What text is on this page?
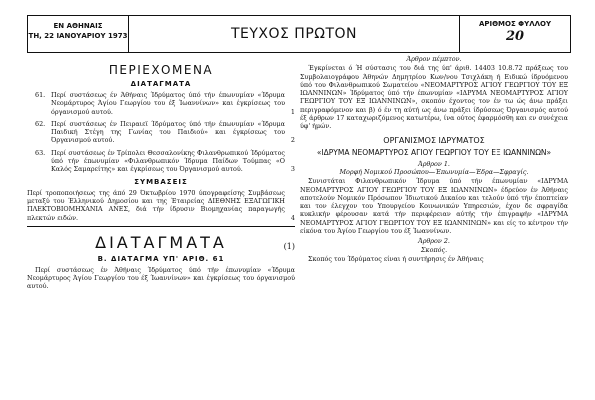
ΕΝ ΑΘΗΝΑΙΣ
ΤΗ, 22 ΙΑΝΟΥΑΡΙΟΥ 1973	ΤΕΥΧΟΣ ΠΡΩΤΟΝ
ΑΡΙΘΜΟΣ ΦΥΛΛΟΥ
20
ΠΕΡΙΕΧΟΜΕΝΑ
ΔΙΑΤΑΓΜΑΤΑ
61. Περί συστάσεως έν Άθήναις Ίδρύματος ύπό τήν έπωνυμίαν «Ίδρυμα Νεομάρτυρος Άγίου Γεωργίου του έξ Ίωαννίνων» και έγκρίσεως του όργανισμού αυτού.	1
62. Περί συστάσεως έν Πειραιεϊ Ίδρύματος ύπό τήν έπωνυμίαν «Ίδρυμα Παιδική Στέγη της Γωνίας του Παιδιού» και έγκρίσεως του Όργανισμού αυτού.	2
63. Περί συστάσεως έν Τρίπολει Θεσσαλονίκης Φιλανθρωπικού Ίδρύματος ύπό τήν έπωνυμίαν «Φιλανθρωπικόν Ίδρυμα Παίδων Τούμπας «Ο Καλός Σαμαρείτης» και έγκρίσεως του Όργανισμού αυτού.	3
ΣΥΜΒΑΣΕΙΣ
Περί τροποποιήσεως της άπό 29 Όκτωβρίου 1970 ύπογραφείσης Συμβάσεως μεταξύ του Έλληνικού Δημοσίου και της Έταιρείας ΔΙΕΘΝΗΣ ΕΞΑΓΩΓΙΚΗ ΠΛΕΚΤΟΒΙΟΜΗΧΑΝΙΑ ΑΝΕΣ, διά τήν ίδρυσιν Βιομηχανίας παραγωγής πλεκτών ειδών.	4
ΔΙΑΤΑΓΜΑΤΑ	(1)
Β. ΔΙΑΤΑΓΜΑ ΥΠ' ΑΡΙΘ. 61
Περί συστάσεως έν Άθήναις Ίδρύματος ύπό τήν έπωνυμίαν «Ίδρυμα Νεομάρτυρος Άγίου Γεωργίου του έξ Ίωαννίνων» και έγκρίσεως του όργανισμού αυτού.
Άρθρον πέμπτον.
Έγκρίνεται ό Ή σύστασις του διά της ύπ' άριθ. 14403 10.8.72 πράξεως του Συμβολαιογράφου Άθηνών Δημητρίου Κων/νου Τσιχλάκη ή Ειδικώ ίδρυόμενου ύπό του Φιλανθρωπικού Σωματείου «ΝΕΟΜΑΡΤΥΡΟΣ ΑΓΙΟΥ ΓΕΩΡΓΙΟΥ ΤΟΥ ΕΞ ΙΩΑΝΝΙΝΩΝ» Ίδρύματος ύπό τήν έπωνυμίαν «ΙΔΡΥΜΑ ΝΕΟΜΑΡΤΥΡΟΣ ΑΓΙΟΥ ΓΕΩΡΓΙΟΥ ΤΟΥ ΕΞ ΙΩΑΝΝΙΝΩΝ», σκοπόν έχοντος τον έν τω ώς άνω πράξει περιγραφόμενον και β) ό έν τη αύτή ως άνω πράξει ίδρύσεως Όργανισμός αυτού έξ άρθρων 17 καταχωριζόμενος κατωτέρω, ίνα ούτος έφαρμόσθη και εν συνέχεια ύφ' ήμών.
ΟΡΓΑΝΙΣΜΟΣ ΙΔΡΥΜΑΤΟΣ
«ΙΔΡΥΜΑ ΝΕΟΜΑΡΤΥΡΟΣ ΑΓΙΟΥ ΓΕΩΡΓΙΟΥ ΤΟΥ ΕΞ ΙΩΑΝΝΙΝΩΝ»
Άρθρον 1.
Μορφή Νομικού Προσώπου—Έπωνυμία—Έδρα—Σφραγίς.
Συνιστάται Φιλανθρωπικόν Ίδρυμα ύπό τήν έπωνυμίαν «ΙΔΡΥΜΑ ΝΕΟΜΑΡΤΥΡΟΣ ΑΓΙΟΥ ΓΕΩΡΓΙΟΥ ΤΟΥ ΕΞ ΙΩΑΝΝΙΝΩΝ» έδρεύον έν Άθήναις αποτελούν Νομικόν Πρόσωπον Ίδιωτικού Δικαίου και τελούν ύπό τήν έποπτείαν και τον έλεγχον του Υπουργείου Κοινωνικών Υπηρεσιών, έχον δε σφραγίδα κυκλικήν φέρουσαν κατά τήν περιφέρειαν αύτής τήν έπιγραφήν «ΙΔΡΥΜΑ ΝΕΟΜΑΡΤΥΡΟΣ ΑΓΙΟΥ ΓΕΩΡΓΙΟΥ ΤΟΥ ΕΞ ΙΩΑΝΝΙΝΩΝ» και είς το κέντρον τήν είκόνα του Άγίου Γεωργίου του έξ Ίωαννίνων.
Άρθρον 2.
Σκοπός.
Σκοπός του Ίδρύματος είναι ή συντήρησις έν Άθήναις
